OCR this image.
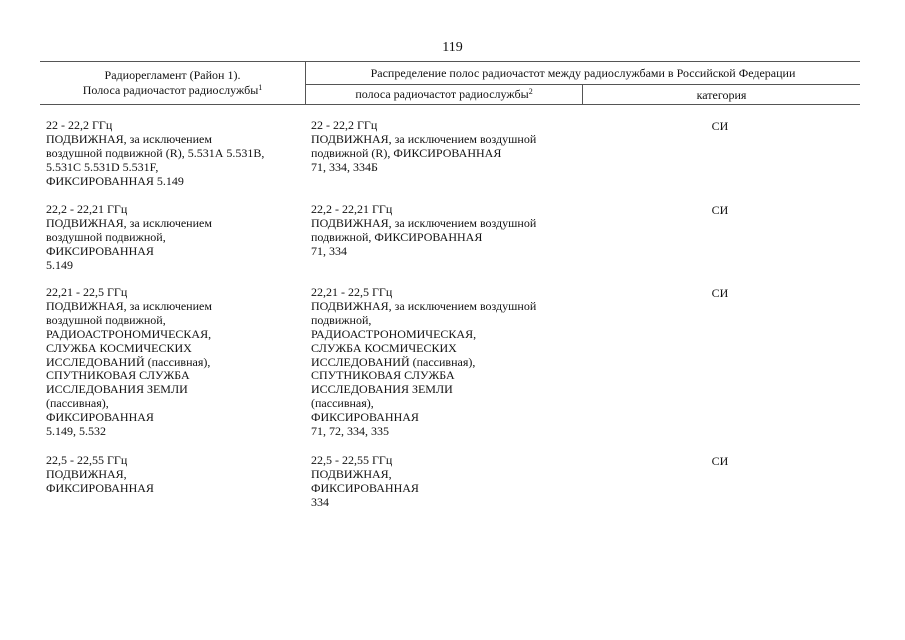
119
Радиорегламент (Район 1).
Полоса радиочастот радиослужбы$^1$
Распределение полос радиочастот между радиослужбами в Российской Федерации
полоса радиочастот радиослужбы$^2$	категория
22 - 22,2 ГГц
ПОДВИЖНАЯ, за исключением
воздушной подвижной (R), 5.531А 5.531В,
5.531С 5.531D 5.531F,
ФИКСИРОВАННАЯ 5.149
22 - 22,2 ГГц
ПОДВИЖНАЯ, за исключением воздушной
подвижной (R), ФИКСИРОВАННАЯ
71, 334, 334Б
СИ
22,2 - 22,21 ГГц
ПОДВИЖНАЯ, за исключением
воздушной подвижной,
ФИКСИРОВАННАЯ
5.149
22,2 - 22,21 ГГц
ПОДВИЖНАЯ, за исключением воздушной
подвижной, ФИКСИРОВАННАЯ
71, 334
СИ
22,21 - 22,5 ГГц
ПОДВИЖНАЯ, за исключением
воздушной подвижной,
РАДИОАСТРОНОМИЧЕСКАЯ,
СЛУЖБА КОСМИЧЕСКИХ
ИССЛЕДОВАНИЙ (пассивная),
СПУТНИКОВАЯ СЛУЖБА
ИССЛЕДОВАНИЯ ЗЕМЛИ
(пассивная),
ФИКСИРОВАННАЯ
5.149, 5.532
22,21 - 22,5 ГГц
ПОДВИЖНАЯ, за исключением воздушной
подвижной,
РАДИОАСТРОНОМИЧЕСКАЯ,
СЛУЖБА КОСМИЧЕСКИХ
ИССЛЕДОВАНИЙ (пассивная),
СПУТНИКОВАЯ СЛУЖБА
ИССЛЕДОВАНИЯ ЗЕМЛИ
(пассивная),
ФИКСИРОВАННАЯ
71, 72, 334, 335
СИ
22,5 - 22,55 ГГц
ПОДВИЖНАЯ,
ФИКСИРОВАННАЯ
22,5 - 22,55 ГГц
ПОДВИЖНАЯ,
ФИКСИРОВАННАЯ
334
СИ
